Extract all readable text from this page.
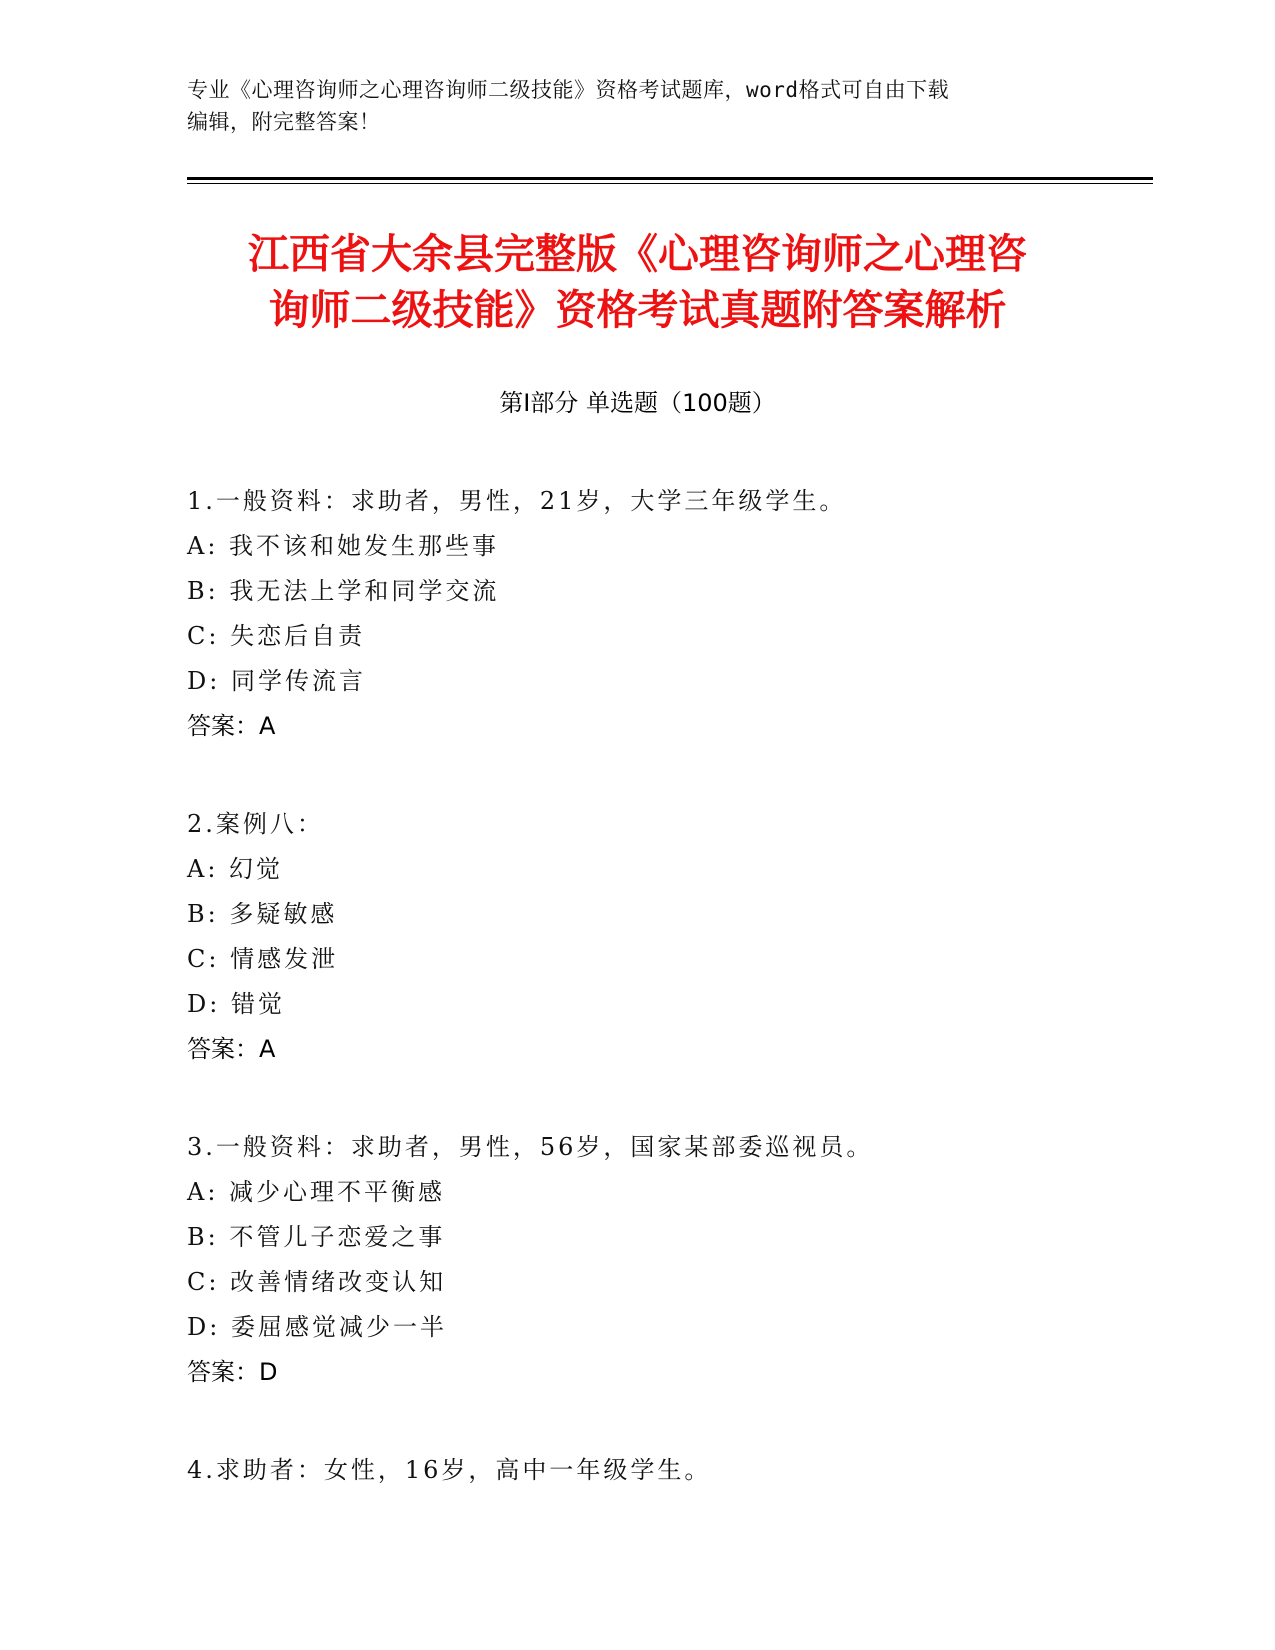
专业《心理咨询师之心理咨询师二级技能》资格考试题库，word格式可自由下载
编辑，附完整答案！
江西省大余县完整版《心理咨询师之心理咨
询师二级技能》资格考试真题附答案解析
第Ⅰ部分 单选题（100题）
1.一般资料：求助者，男性，21岁，大学三年级学生。
A: 我不该和她发生那些事
B: 我无法上学和同学交流
C: 失恋后自责
D: 同学传流言
答案：A
2.案例八：
A: 幻觉
B: 多疑敏感
C: 情感发泄
D: 错觉
答案：A
3.一般资料：求助者，男性，56岁，国家某部委巡视员。
A: 减少心理不平衡感
B: 不管儿子恋爱之事
C: 改善情绪改变认知
D: 委屈感觉减少一半
答案：D
4.求助者：女性，16岁，高中一年级学生。
